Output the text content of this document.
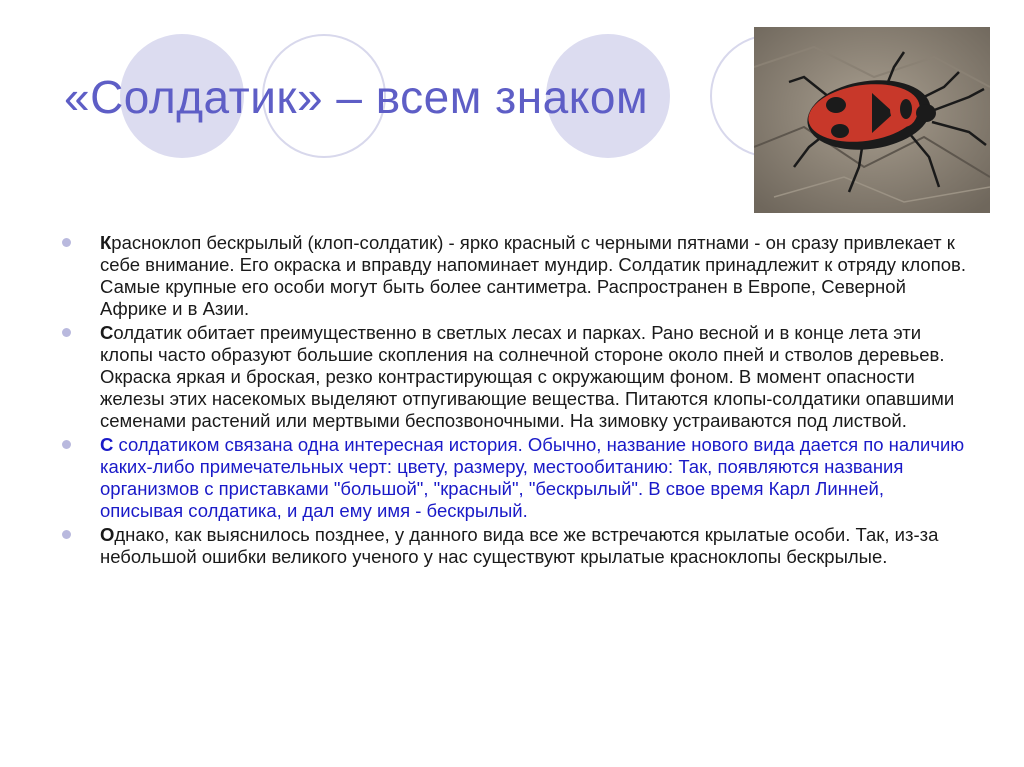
«Солдатик» – всем знаком
Красноклоп бескрылый (клоп-солдатик) - ярко красный с черными пятнами - он сразу привлекает к себе внимание. Его окраска и вправду напоминает мундир. Солдатик принадлежит к отряду клопов. Самые крупные его особи могут быть более сантиметра. Распространен в Европе, Северной Африке и в Азии.
Солдатик обитает преимущественно в светлых лесах и парках. Рано весной и в конце лета эти клопы часто образуют большие скопления на солнечной стороне около пней и стволов деревьев. Окраска яркая и броская, резко контрастирующая с окружающим фоном. В момент опасности железы этих насекомых выделяют отпугивающие вещества. Питаются клопы-солдатики опавшими семенами растений или мертвыми беспозвоночными. На зимовку устраиваются под листвой.
С солдатиком связана одна интересная история. Обычно, название нового вида дается по наличию каких-либо примечательных черт: цвету, размеру, местообитанию: Так, появляются названия организмов с приставками "большой", "красный", "бескрылый". В свое время Карл Линней, описывая солдатика, и дал ему имя - бескрылый.
Однако, как выяснилось позднее, у данного вида все же встречаются крылатые особи. Так, из-за небольшой ошибки великого ученого у нас существуют крылатые красноклопы бескрылые.
